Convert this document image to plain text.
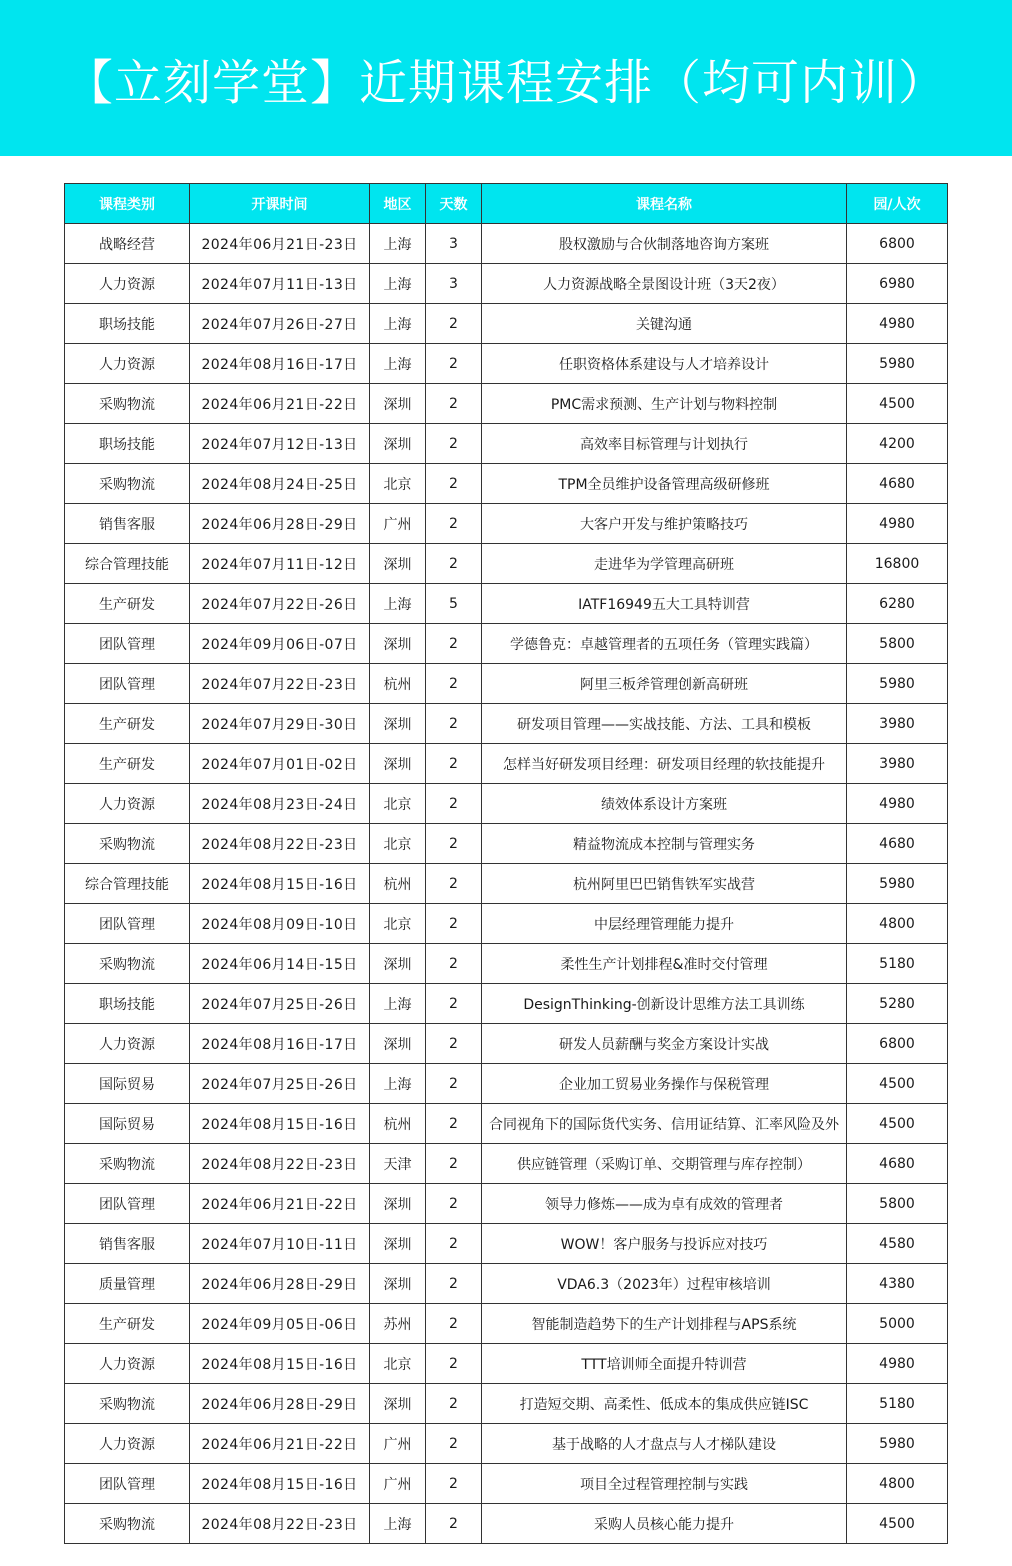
【立刻学堂】近期课程安排（均可内训）
课程类别	开课时间	地区	天数	课程名称	园/人次
战略经营	2024年06月21日-23日	上海	3	股权激励与合伙制落地咨询方案班	6800
人力资源	2024年07月11日-13日	上海	3	人力资源战略全景图设计班（3天2夜）	6980
职场技能	2024年07月26日-27日	上海	2	关键沟通	4980
人力资源	2024年08月16日-17日	上海	2	任职资格体系建设与人才培养设计	5980
采购物流	2024年06月21日-22日	深圳	2	PMC需求预测、生产计划与物料控制	4500
职场技能	2024年07月12日-13日	深圳	2	高效率目标管理与计划执行	4200
采购物流	2024年08月24日-25日	北京	2	TPM全员维护设备管理高级研修班	4680
销售客服	2024年06月28日-29日	广州	2	大客户开发与维护策略技巧	4980
综合管理技能	2024年07月11日-12日	深圳	2	走进华为学管理高研班	16800
生产研发	2024年07月22日-26日	上海	5	IATF16949五大工具特训营	6280
团队管理	2024年09月06日-07日	深圳	2	学德鲁克：卓越管理者的五项任务（管理实践篇）	5800
团队管理	2024年07月22日-23日	杭州	2	阿里三板斧管理创新高研班	5980
生产研发	2024年07月29日-30日	深圳	2	研发项目管理——实战技能、方法、工具和模板	3980
生产研发	2024年07月01日-02日	深圳	2	怎样当好研发项目经理：研发项目经理的软技能提升	3980
人力资源	2024年08月23日-24日	北京	2	绩效体系设计方案班	4980
采购物流	2024年08月22日-23日	北京	2	精益物流成本控制与管理实务	4680
综合管理技能	2024年08月15日-16日	杭州	2	杭州阿里巴巴销售铁军实战营	5980
团队管理	2024年08月09日-10日	北京	2	中层经理管理能力提升	4800
采购物流	2024年06月14日-15日	深圳	2	柔性生产计划排程&准时交付管理	5180
职场技能	2024年07月25日-26日	上海	2	DesignThinking-创新设计思维方法工具训练	5280
人力资源	2024年08月16日-17日	深圳	2	研发人员薪酬与奖金方案设计实战	6800
国际贸易	2024年07月25日-26日	上海	2	企业加工贸易业务操作与保税管理	4500
国际贸易	2024年08月15日-16日	杭州	2	合同视角下的国际货代实务、信用证结算、汇率风险及外	4500
采购物流	2024年08月22日-23日	天津	2	供应链管理（采购订单、交期管理与库存控制）	4680
团队管理	2024年06月21日-22日	深圳	2	领导力修炼——成为卓有成效的管理者	5800
销售客服	2024年07月10日-11日	深圳	2	WOW！客户服务与投诉应对技巧	4580
质量管理	2024年06月28日-29日	深圳	2	VDA6.3（2023年）过程审核培训	4380
生产研发	2024年09月05日-06日	苏州	2	智能制造趋势下的生产计划排程与APS系统	5000
人力资源	2024年08月15日-16日	北京	2	TTT培训师全面提升特训营	4980
采购物流	2024年06月28日-29日	深圳	2	打造短交期、高柔性、低成本的集成供应链ISC	5180
人力资源	2024年06月21日-22日	广州	2	基于战略的人才盘点与人才梯队建设	5980
团队管理	2024年08月15日-16日	广州	2	项目全过程管理控制与实践	4800
采购物流	2024年08月22日-23日	上海	2	采购人员核心能力提升	4500
